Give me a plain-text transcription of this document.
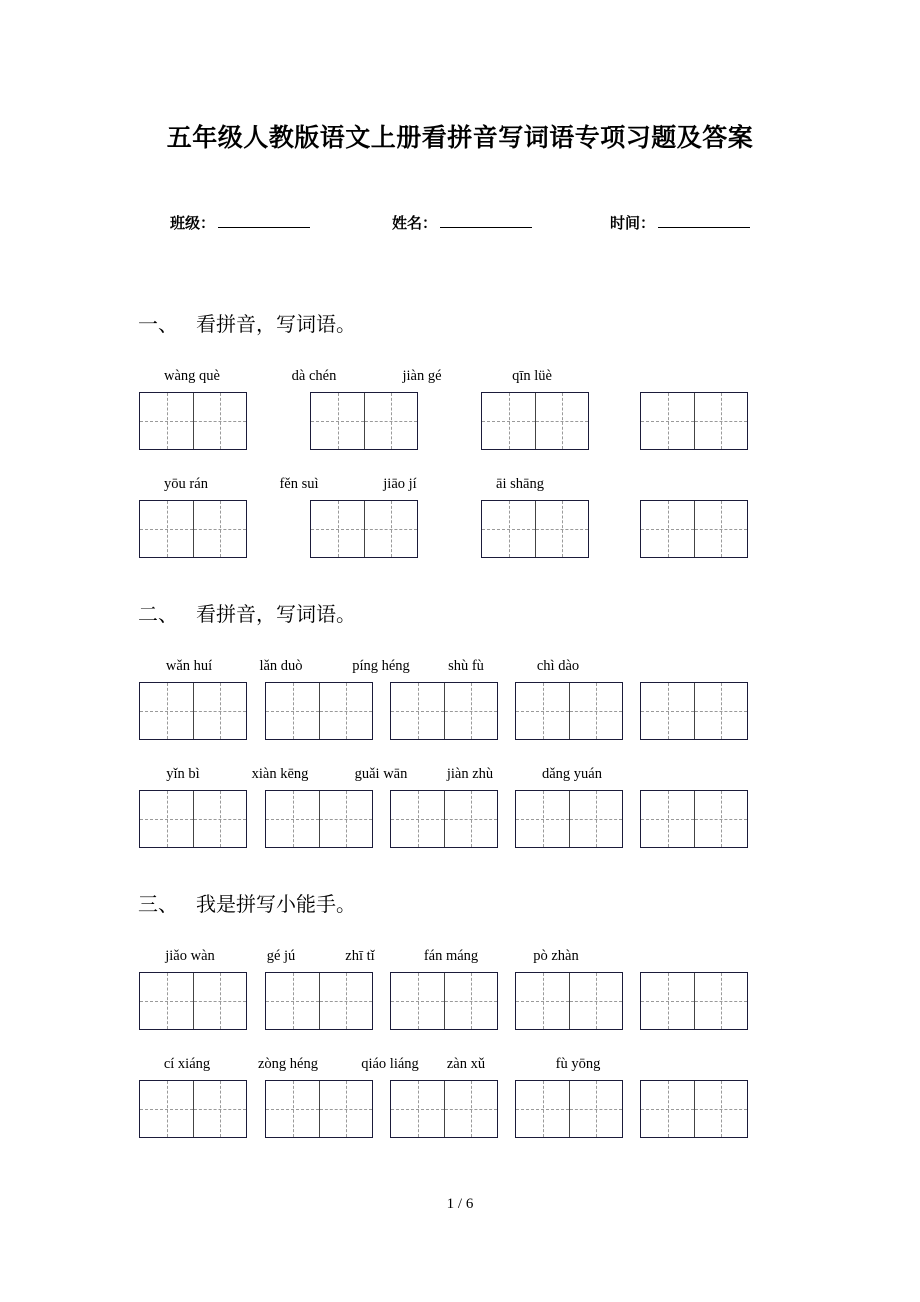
五年级人教版语文上册看拼音写词语专项习题及答案
班级：	姓名：	时间：
一、 看拼音，写词语。
wàng què	dà chén	jiàn gé	qīn lüè
yōu rán	fěn suì	jiāo jí	āi shāng
二、 看拼音，写词语。
wǎn huí	lǎn duò	píng héng	shù fù	chì dào
yǐn bì	xiàn kēng	guǎi wān	jiàn zhù	dǎng yuán
三、 我是拼写小能手。
jiǎo wàn	gé jú	zhī tǐ	fán máng	pò zhàn
cí xiáng	zòng héng	qiáo liáng zàn xǔ	fù yōng
1 / 6
